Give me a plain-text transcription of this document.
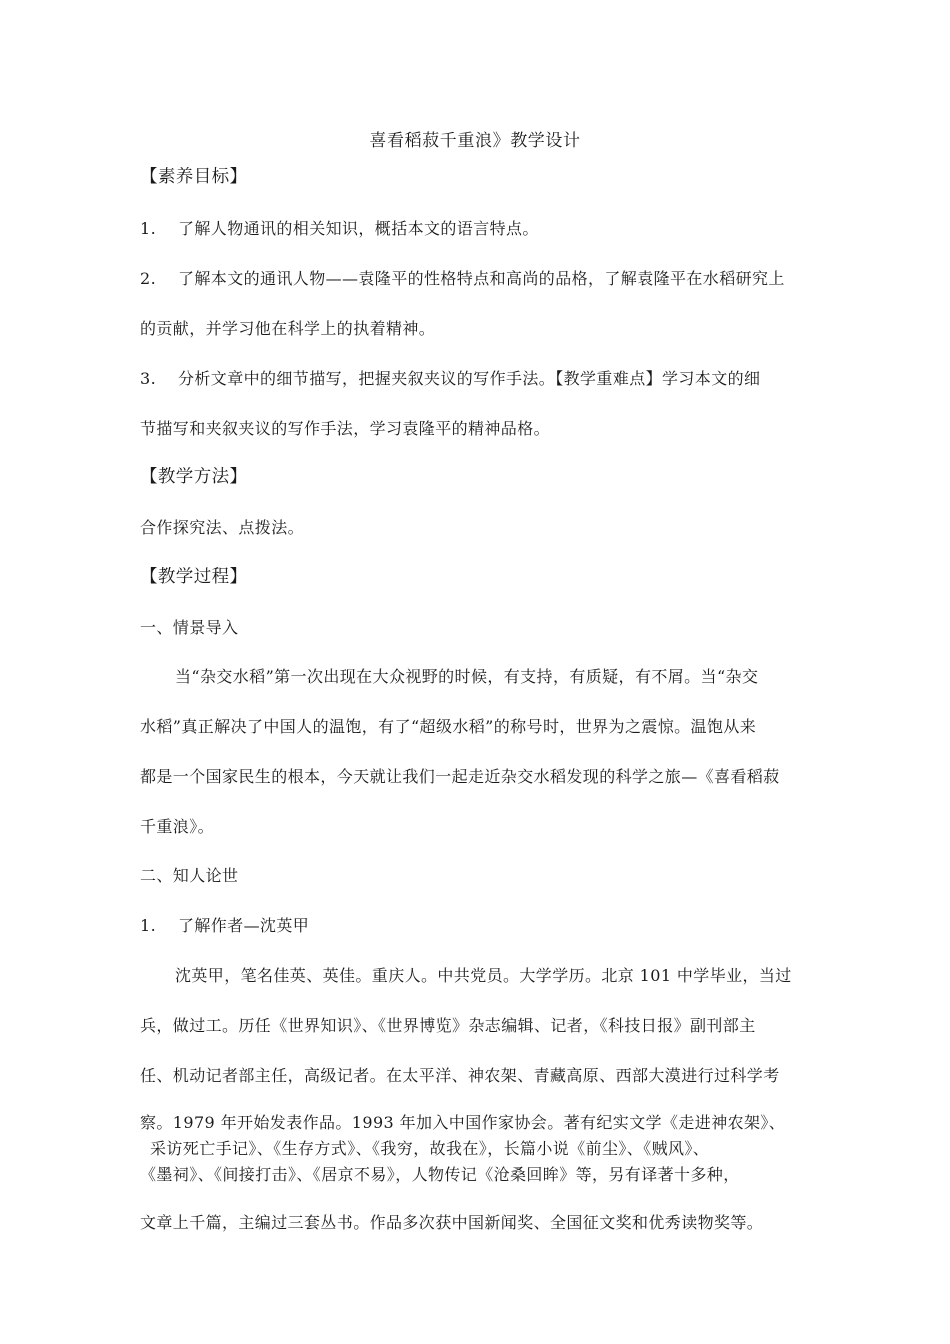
喜看稻菽千重浪》教学设计
【素养目标】
1. 了解人物通讯的相关知识，概括本文的语言特点。
2. 了解本文的通讯人物——袁隆平的性格特点和高尚的品格，了解袁隆平在水稻研究上
的贡献，并学习他在科学上的执着精神。
3. 分析文章中的细节描写，把握夹叙夹议的写作手法。【教学重难点】学习本文的细
节描写和夹叙夹议的写作手法，学习袁隆平的精神品格。
【教学方法】
合作探究法、点拨法。
【教学过程】
一、情景导入
当“杂交水稻”第一次出现在大众视野的时候，有支持，有质疑，有不屑。当“杂交
水稻”真正解决了中国人的温饱，有了“超级水稻”的称号时，世界为之震惊。温饱从来
都是一个国家民生的根本，今天就让我们一起走近杂交水稻发现的科学之旅—《喜看稻菽
千重浪》。
二、知人论世
1. 了解作者—沈英甲
沈英甲，笔名佳英、英佳。重庆人。中共党员。大学学历。北京 101 中学毕业，当过
兵，做过工。历任《世界知识》、《世界博览》杂志编辑、记者，《科技日报》副刊部主
任、机动记者部主任，高级记者。在太平洋、神农架、青藏高原、西部大漠进行过科学考
察。1979 年开始发表作品。1993 年加入中国作家协会。著有纪实文学《走进神农架》、
采访死亡手记》、《生存方式》、《我穷，故我在》，长篇小说《前尘》、《贼风》、
《墨祠》、《间接打击》、《居京不易》，人物传记《沧桑回眸》等，另有译著十多种，
文章上千篇，主编过三套丛书。作品多次获中国新闻奖、全国征文奖和优秀读物奖等。
